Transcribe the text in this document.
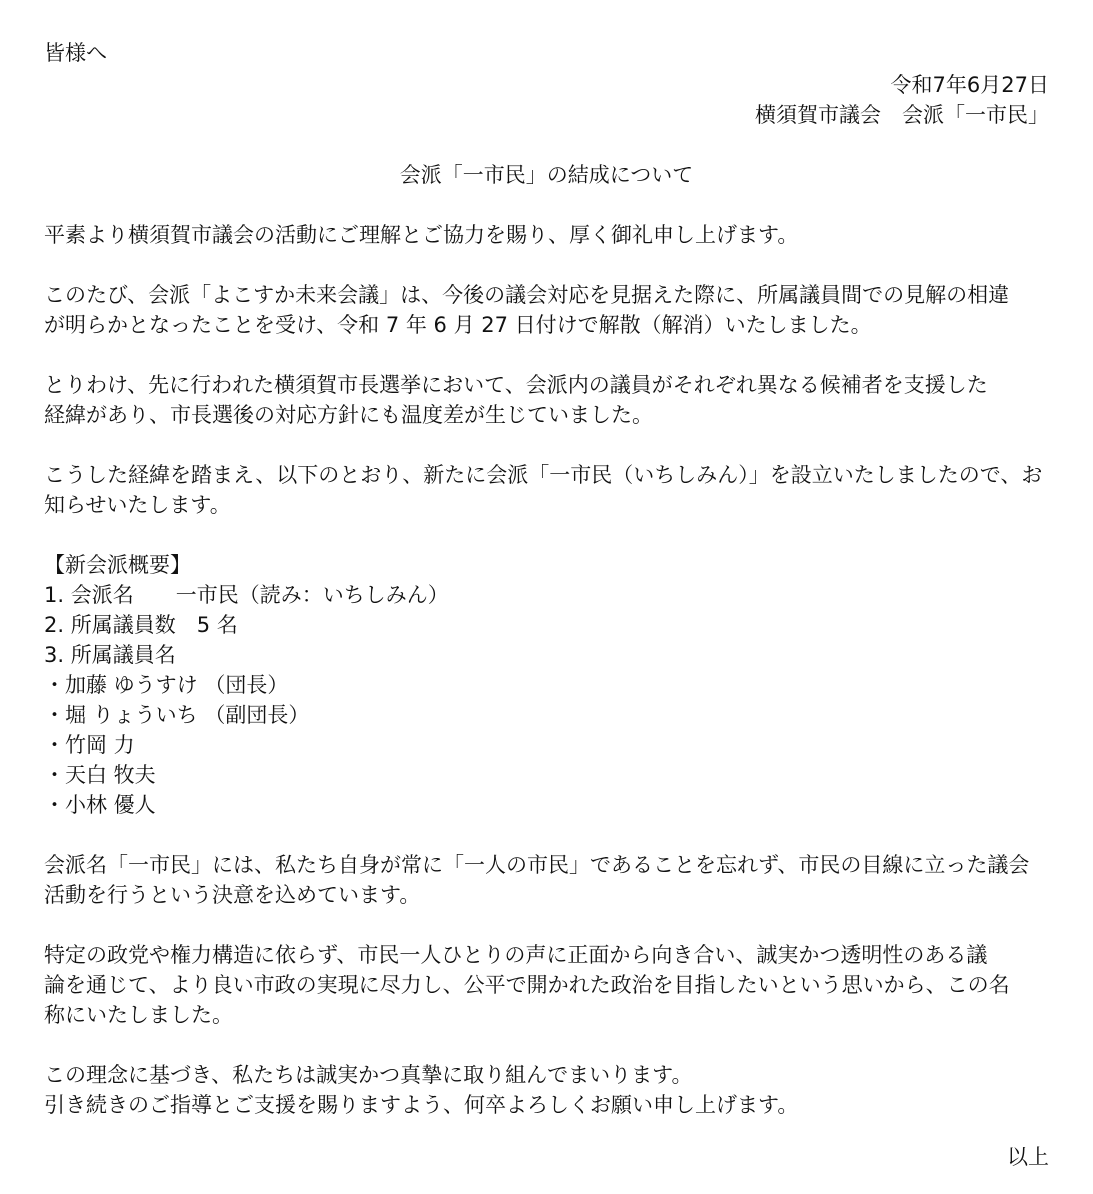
皆様へ
令和7年6月27日
横須賀市議会　会派「一市民」
会派「一市民」の結成について
平素より横須賀市議会の活動にご理解とご協力を賜り、厚く御礼申し上げます。
このたび、会派「よこすか未来会議」は、今後の議会対応を見据えた際に、所属議員間での見解の相違
が明らかとなったことを受け、令和 7 年 6 月 27 日付けで解散（解消）いたしました。
とりわけ、先に行われた横須賀市長選挙において、会派内の議員がそれぞれ異なる候補者を支援した
経緯があり、市長選後の対応方針にも温度差が生じていました。
こうした経緯を踏まえ、以下のとおり、新たに会派「一市民（いちしみん）」を設立いたしましたので、お
知らせいたします。
【新会派概要】
1. 会派名　　一市民（読み：いちしみん）
2. 所属議員数　5 名
3. 所属議員名
・加藤 ゆうすけ （団長）
・堀 りょういち （副団長）
・竹岡 力
・天白 牧夫
・小林 優人
会派名「一市民」には、私たち自身が常に「一人の市民」であることを忘れず、市民の目線に立った議会
活動を行うという決意を込めています。
特定の政党や権力構造に依らず、市民一人ひとりの声に正面から向き合い、誠実かつ透明性のある議
論を通じて、より良い市政の実現に尽力し、公平で開かれた政治を目指したいという思いから、この名
称にいたしました。
この理念に基づき、私たちは誠実かつ真摯に取り組んでまいります。
引き続きのご指導とご支援を賜りますよう、何卒よろしくお願い申し上げます。
以上
